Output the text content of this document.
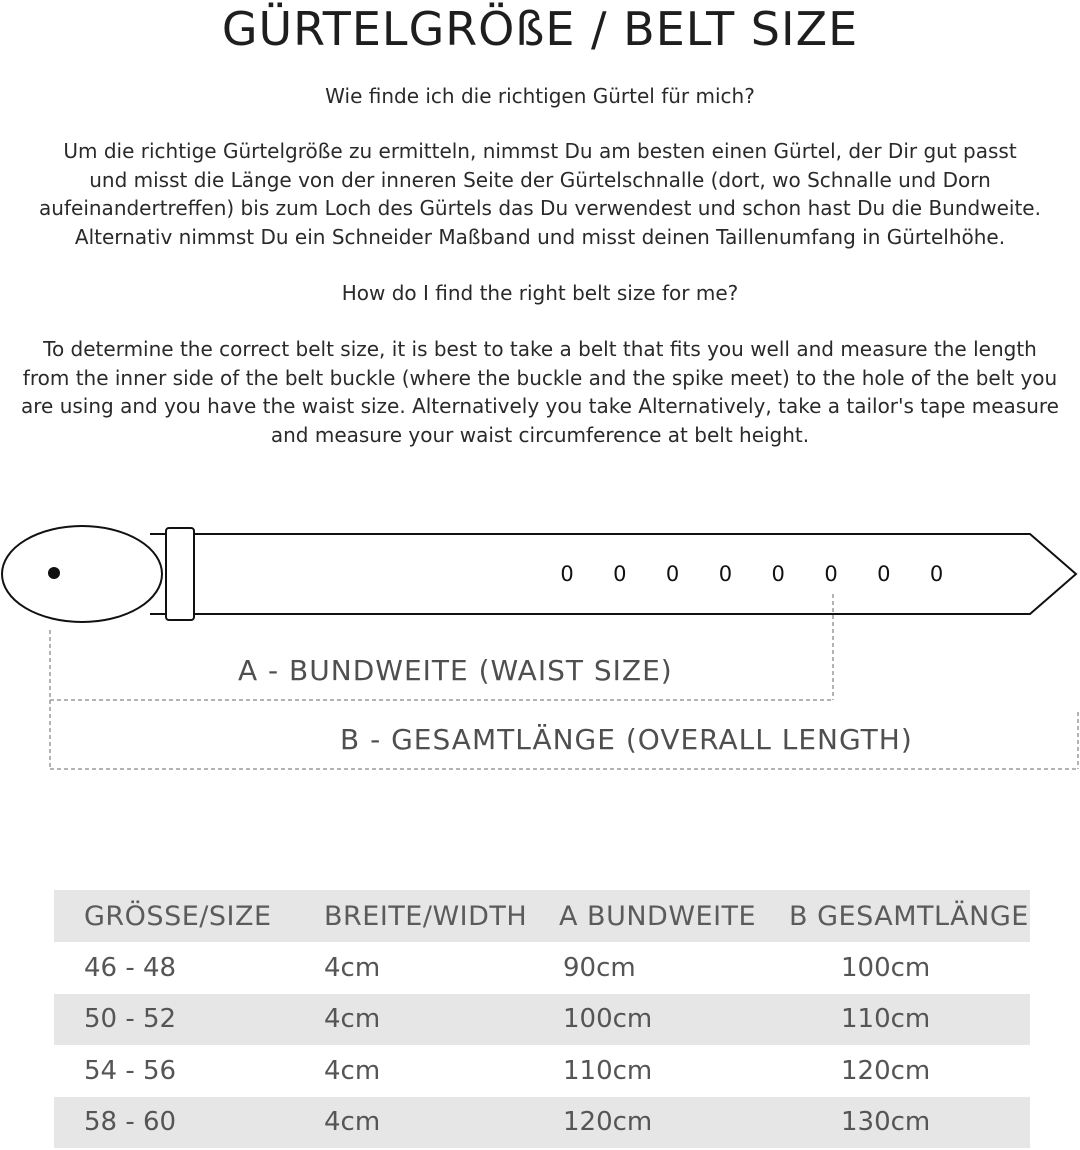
GÜRTELGRÖßE / BELT SIZE

Wie finde ich die richtigen Gürtel für mich?

Um die richtige Gürtelgröße zu ermitteln, nimmst Du am besten einen Gürtel, der Dir gut passt
und misst die Länge von der inneren Seite der Gürtelschnalle (dort, wo Schnalle und Dorn
aufeinandertreffen) bis zum Loch des Gürtels das Du verwendest und schon hast Du die Bundweite.
Alternativ nimmst Du ein Schneider Maßband und misst deinen Taillenumfang in Gürtelhöhe.

How do I find the right belt size for me?

To determine the correct belt size, it is best to take a belt that fits you well and measure the length
from the inner side of the belt buckle (where the buckle and the spike meet) to the hole of the belt you
are using and you have the waist size. Alternatively you take Alternatively, take a tailor's tape measure
and measure your waist circumference at belt height.

0 0 0 0 0 0 0 0
A - BUNDWEITE (WAIST SIZE)
B - GESAMTLÄNGE (OVERALL LENGTH)
GRÖSSE/SIZE	BREITE/WIDTH	A BUNDWEITE	B GESAMTLÄNGE
46 - 48	4cm	90cm	100cm
50 - 52	4cm	100cm	110cm
54 - 56	4cm	110cm	120cm
58 - 60	4cm	120cm	130cm
